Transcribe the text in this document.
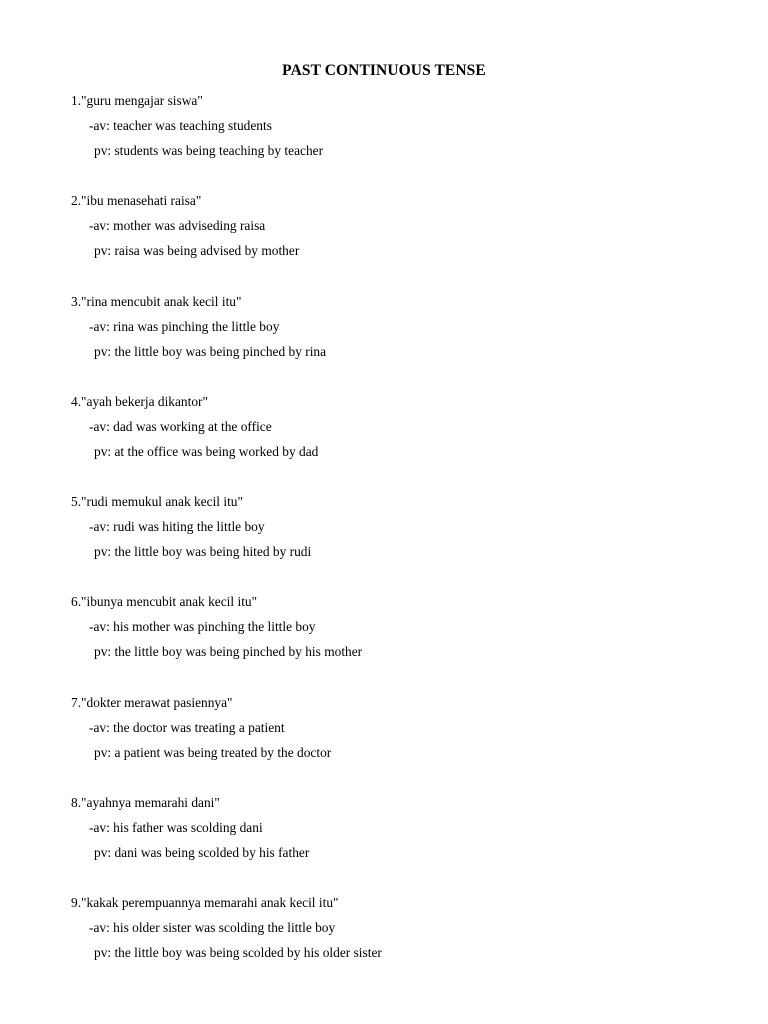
PAST CONTINUOUS TENSE
1."guru mengajar siswa"
-av: teacher was teaching students
pv: students was being teaching by teacher
2."ibu menasehati raisa"
-av: mother was adviseding raisa
pv: raisa was being advised by mother
3."rina mencubit anak kecil itu"
-av: rina was pinching the little boy
pv: the little boy was being pinched by rina
4."ayah bekerja dikantor"
-av: dad was working at the office
pv: at the office was being worked by dad
5."rudi memukul anak kecil itu"
-av: rudi was hiting the little boy
pv: the little boy was being hited by rudi
6."ibunya mencubit anak kecil itu"
-av: his mother was pinching the little boy
pv: the little boy was being pinched by his mother
7."dokter merawat pasiennya"
-av: the doctor was treating a patient
pv: a patient was being treated by the doctor
8."ayahnya memarahi dani"
-av: his father was scolding dani
pv: dani was being scolded by his father
9."kakak perempuannya memarahi anak kecil itu"
-av: his older sister was scolding the little boy
pv: the little boy was being scolded by his older sister
